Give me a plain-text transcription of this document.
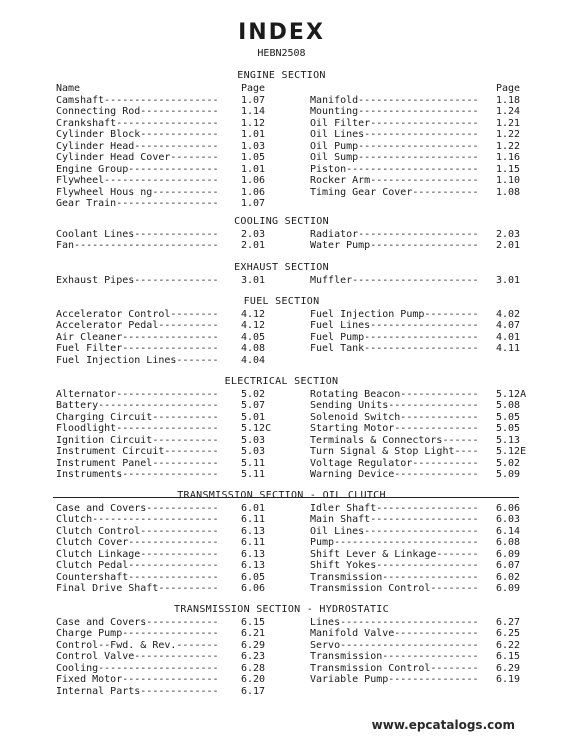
INDEX
HEBN2508
ENGINE SECTION
Name	Page	Page
Camshaft------------------- 1.07	Manifold-------------------- 1.18
Connecting Rod------------- 1.14	Mounting-------------------- 1.24
Crankshaft----------------- 1.12	Oil Filter------------------ 1.21
Cylinder Block------------- 1.01	Oil Lines------------------- 1.22
Cylinder Head-------------- 1.03	Oil Pump-------------------- 1.22
Cylinder Head Cover-------- 1.05	Oil Sump-------------------- 1.16
Engine Group--------------- 1.01	Piston---------------------- 1.15
Flywheel------------------- 1.06	Rocker Arm------------------ 1.10
Flywheel Hous ng----------- 1.06	Timing Gear Cover----------- 1.08
Gear Train----------------- 1.07
COOLING SECTION
Coolant Lines-------------- 2.03	Radiator-------------------- 2.03
Fan------------------------ 2.01	Water Pump------------------ 2.01
EXHAUST SECTION
Exhaust Pipes-------------- 3.01	Muffler--------------------- 3.01
FUEL SECTION
Accelerator Control-------- 4.12	Fuel Injection Pump--------- 4.02
Accelerator Pedal---------- 4.12	Fuel Lines------------------ 4.07
Air Cleaner---------------- 4.05	Fuel Pump------------------- 4.01
Fuel Filter---------------- 4.08	Fuel Tank------------------- 4.11
Fuel Injection Lines------- 4.04
ELECTRICAL SECTION
Alternator----------------- 5.02	Rotating Beacon------------- 5.12A
Battery-------------------- 5.07	Sending Units--------------- 5.08
Charging Circuit----------- 5.01	Solenoid Switch------------- 5.05
Floodlight----------------- 5.12C	Starting Motor-------------- 5.05
Ignition Circuit----------- 5.03	Terminals & Connectors------ 5.13
Instrument Circuit--------- 5.03	Turn Signal & Stop Light---- 5.12E
Instrument Panel----------- 5.11	Voltage Regulator----------- 5.02
Instruments---------------- 5.11	Warning Device-------------- 5.09
TRANSMISSION SECTION - OIL CLUTCH
Case and Covers------------ 6.01	Idler Shaft----------------- 6.06
Clutch--------------------- 6.11	Main Shaft------------------ 6.03
Clutch Control------------- 6.13	Oil Lines------------------- 6.14
Clutch Cover--------------- 6.11	Pump------------------------ 6.08
Clutch Linkage------------- 6.13	Shift Lever & Linkage------- 6.09
Clutch Pedal--------------- 6.13	Shift Yokes----------------- 6.07
Countershaft--------------- 6.05	Transmission---------------- 6.02
Final Drive Shaft---------- 6.06	Transmission Control-------- 6.09
TRANSMISSION SECTION - HYDROSTATIC
Case and Covers------------ 6.15	Lines----------------------- 6.27
Charge Pump---------------- 6.21	Manifold Valve-------------- 6.25
Control--Fwd. & Rev.------- 6.29	Servo----------------------- 6.22
Control Valve-------------- 6.23	Transmission---------------- 6.15
Cooling-------------------- 6.28	Transmission Control-------- 6.29
Fixed Motor---------------- 6.20	Variable Pump--------------- 6.19
Internal Parts------------- 6.17
www.epcatalogs.com
